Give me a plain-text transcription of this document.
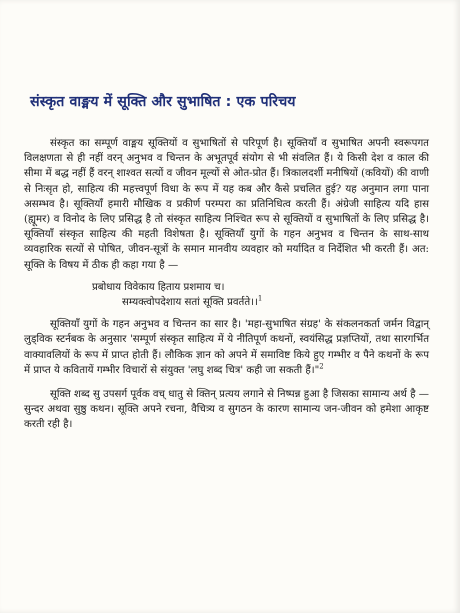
संस्कृत वाङ्मय में सूक्ति और सुभाषित : एक परिचय

संस्कृत का सम्पूर्ण वाङ्मय सूक्तियों व सुभाषितों से परिपूर्ण है। सूक्तियाँ व सुभाषित अपनी स्वरूपगत विलक्षणता से ही नहीं वरन् अनुभव व चिन्तन के अभूतपूर्व संयोग से भी संवलित हैं। ये किसी देश व काल की सीमा में बद्ध नहीं हैं वरन् शाश्वत सत्यों व जीवन मूल्यों से ओत-प्रोत हैं। त्रिकालदर्शी मनीषियों (कवियों) की वाणी से निःसृत हो, साहित्य की महत्त्वपूर्ण विधा के रूप में यह कब और कैसे प्रचलित हुई? यह अनुमान लगा पाना असम्भव है। सूक्तियाँ हमारी मौखिक व प्रकीर्ण परम्परा का प्रतिनिधित्व करती हैं। अंग्रेजी साहित्य यदि हास (ह्यूमर) व विनोद के लिए प्रसिद्ध है तो संस्कृत साहित्य निश्चित रूप से सूक्तियों व सुभाषितों के लिए प्रसिद्ध है। सूक्तियाँ संस्कृत साहित्य की महती विशेषता है। सूक्तियाँ युगों के गहन अनुभव व चिन्तन के साथ-साथ व्यवहारिक सत्यों से पोषित, जीवन-सूत्रों के समान मानवीय व्यवहार को मर्यादित व निर्देशित भी करती हैं। अत: सूक्ति के विषय में ठीक ही कहा गया है —

प्रबोधाय विवेकाय हिताय प्रशमाय च।

सम्यक्त्वोपदेशाय सतां सूक्ति प्रवर्तते।।$^1$

सूक्तियाँ युगों के गहन अनुभव व चिन्तन का सार है। 'महा-सुभाषित संग्रह' के संकलनकर्ता जर्मन विद्वान् लुड्विक स्टर्नबक के अनुसार 'सम्पूर्ण संस्कृत साहित्य में ये नीतिपूर्ण कथनों, स्वयंसिद्ध प्रज्ञप्तियों, तथा सारगर्भित वाक्यावलियों के रूप में प्राप्त होती हैं। लौकिक ज्ञान को अपने में समाविष्ट किये हुए गम्भीर व पैने कथनों के रूप में प्राप्त ये कवितायें गम्भीर विचारों से संयुक्त 'लघु शब्द चित्र' कही जा सकती हैं।"$^2$

सूक्ति शब्द सु उपसर्ग पूर्वक वच् धातु से क्तिन् प्रत्यय लगाने से निष्पन्न हुआ है जिसका सामान्य अर्थ है — सुन्दर अथवा सुष्ठु कथन। सूक्ति अपने रचना, वैचित्र्य व सुगठन के कारण सामान्य जन-जीवन को हमेशा आकृष्ट करती रही है।
